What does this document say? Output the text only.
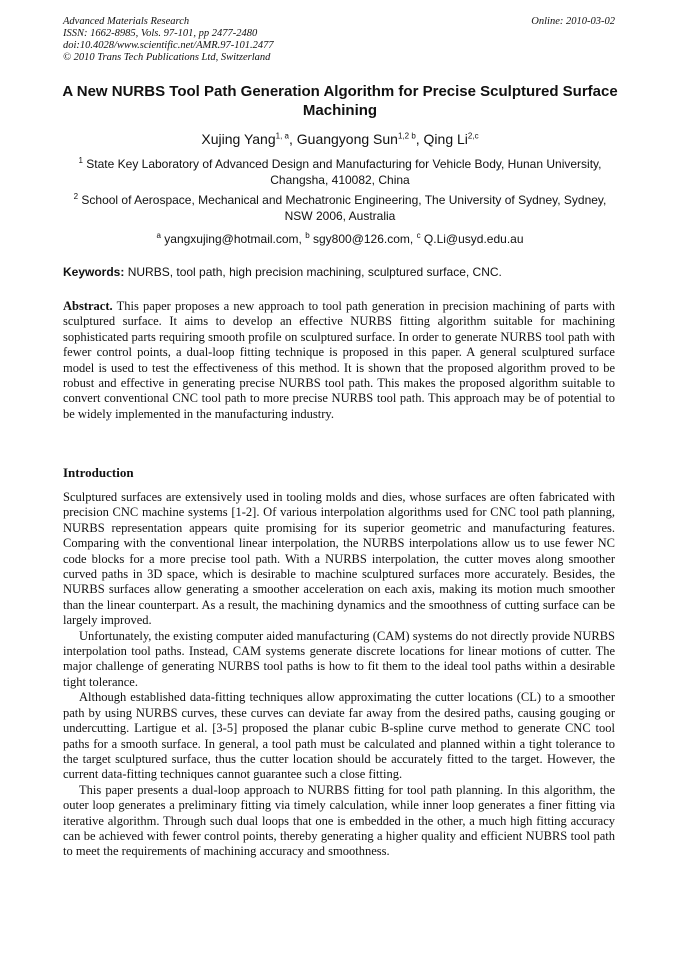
Advanced Materials Research
ISSN: 1662-8985, Vols. 97-101, pp 2477-2480
doi:10.4028/www.scientific.net/AMR.97-101.2477
© 2010 Trans Tech Publications Ltd, Switzerland
Online: 2010-03-02
A New NURBS Tool Path Generation Algorithm for Precise Sculptured Surface Machining
Xujing Yang$^{1, a}$, Guangyong Sun$^{1,2 b}$, Qing Li$^{2,c}$
$^1$ State Key Laboratory of Advanced Design and Manufacturing for Vehicle Body, Hunan University, Changsha, 410082, China
$^2$ School of Aerospace, Mechanical and Mechatronic Engineering, The University of Sydney, Sydney, NSW 2006, Australia
$^a$ yangxujing@hotmail.com, $^b$ sgy800@126.com, $^c$ Q.Li@usyd.edu.au
Keywords: NURBS, tool path, high precision machining, sculptured surface, CNC.

Abstract. This paper proposes a new approach to tool path generation in precision machining of parts with sculptured surface. It aims to develop an effective NURBS fitting algorithm suitable for machining sophisticated parts requiring smooth profile on sculptured surface. In order to generate NURBS tool path with fewer control points, a dual-loop fitting technique is proposed in this paper. A general sculptured surface model is used to test the effectiveness of this method. It is shown that the proposed algorithm proved to be robust and effective in generating precise NURBS tool path. This makes the proposed algorithm suitable to convert conventional CNC tool path to more precise NURBS tool path. This approach may be of potential to be widely implemented in the manufacturing industry.

Introduction

Sculptured surfaces are extensively used in tooling molds and dies, whose surfaces are often fabricated with precision CNC machine systems [1-2]. Of various interpolation algorithms used for CNC tool path planning, NURBS representation appears quite promising for its superior geometric and manufacturing features. Comparing with the conventional linear interpolation, the NURBS interpolations allow us to use fewer NC code blocks for a more precise tool path. With a NURBS interpolation, the cutter moves along smoother curved paths in 3D space, which is desirable to machine sculptured surfaces more accurately. Besides, the NURBS surfaces allow generating a smoother acceleration on each axis, making its motion much smoother than the linear counterpart. As a result, the machining dynamics and the smoothness of cutting surface can be largely improved.

Unfortunately, the existing computer aided manufacturing (CAM) systems do not directly provide NURBS interpolation tool paths. Instead, CAM systems generate discrete locations for linear motions of cutter. The major challenge of generating NURBS tool paths is how to fit them to the ideal tool paths within a desirable tight tolerance.

Although established data-fitting techniques allow approximating the cutter locations (CL) to a smoother path by using NURBS curves, these curves can deviate far away from the desired paths, causing gouging or undercutting. Lartigue et al. [3-5] proposed the planar cubic B-spline curve method to generate CNC tool paths for a smooth surface. In general, a tool path must be calculated and planned within a tight tolerance to the target sculptured surface, thus the cutter location should be accurately fitted to the target. However, the current data-fitting techniques cannot guarantee such a close fitting.

This paper presents a dual-loop approach to NURBS fitting for tool path planning. In this algorithm, the outer loop generates a preliminary fitting via timely calculation, while inner loop generates a finer fitting via iterative algorithm. Through such dual loops that one is embedded in the other, a much high fitting accuracy can be achieved with fewer control points, thereby generating a higher quality and efficient NUBRS tool path to meet the requirements of machining accuracy and smoothness.
